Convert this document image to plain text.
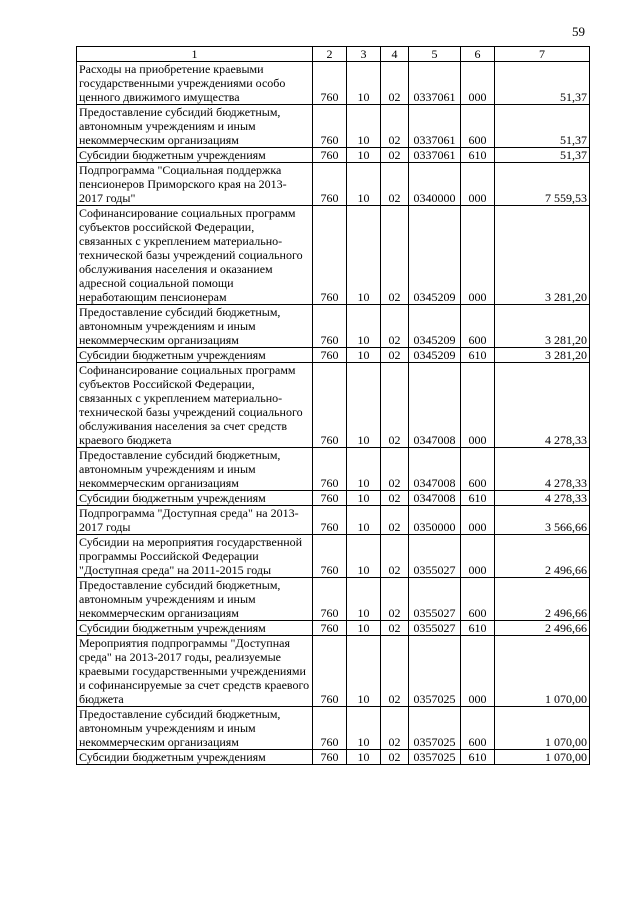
59
1	2	3	4	5	6	7
Расходы на приобретение краевыми государственными учреждениями особо ценного движимого имущества	760	10	02	0337061	000	51,37
Предоставление субсидий бюджетным, автономным учреждениям и иным некоммерческим организациям	760	10	02	0337061	600	51,37
Субсидии бюджетным учреждениям	760	10	02	0337061	610	51,37
Подпрограмма "Социальная поддержка пенсионеров Приморского края на 2013-2017 годы"	760	10	02	0340000	000	7 559,53
Софинансирование социальных программ субъектов российской Федерации, связанных с укреплением материально-технической базы учреждений социального обслуживания населения и оказанием адресной социальной помощи неработающим пенсионерам	760	10	02	0345209	000	3 281,20
Предоставление субсидий бюджетным, автономным учреждениям и иным некоммерческим организациям	760	10	02	0345209	600	3 281,20
Субсидии бюджетным учреждениям	760	10	02	0345209	610	3 281,20
Софинансирование социальных программ субъектов Российской Федерации, связанных с укреплением материально-технической базы учреждений социального обслуживания населения за счет средств краевого бюджета	760	10	02	0347008	000	4 278,33
Предоставление субсидий бюджетным, автономным учреждениям и иным некоммерческим организациям	760	10	02	0347008	600	4 278,33
Субсидии бюджетным учреждениям	760	10	02	0347008	610	4 278,33
Подпрограмма "Доступная среда" на 2013-2017 годы	760	10	02	0350000	000	3 566,66
Субсидии на мероприятия государственной программы Российской Федерации "Доступная среда" на 2011-2015 годы	760	10	02	0355027	000	2 496,66
Предоставление субсидий бюджетным, автономным учреждениям и иным некоммерческим организациям	760	10	02	0355027	600	2 496,66
Субсидии бюджетным учреждениям	760	10	02	0355027	610	2 496,66
Мероприятия подпрограммы "Доступная среда" на 2013-2017 годы, реализуемые краевыми государственными учреждениями и софинансируемые за счет средств краевого бюджета	760	10	02	0357025	000	1 070,00
Предоставление субсидий бюджетным, автономным учреждениям и иным некоммерческим организациям	760	10	02	0357025	600	1 070,00
Субсидии бюджетным учреждениям	760	10	02	0357025	610	1 070,00
